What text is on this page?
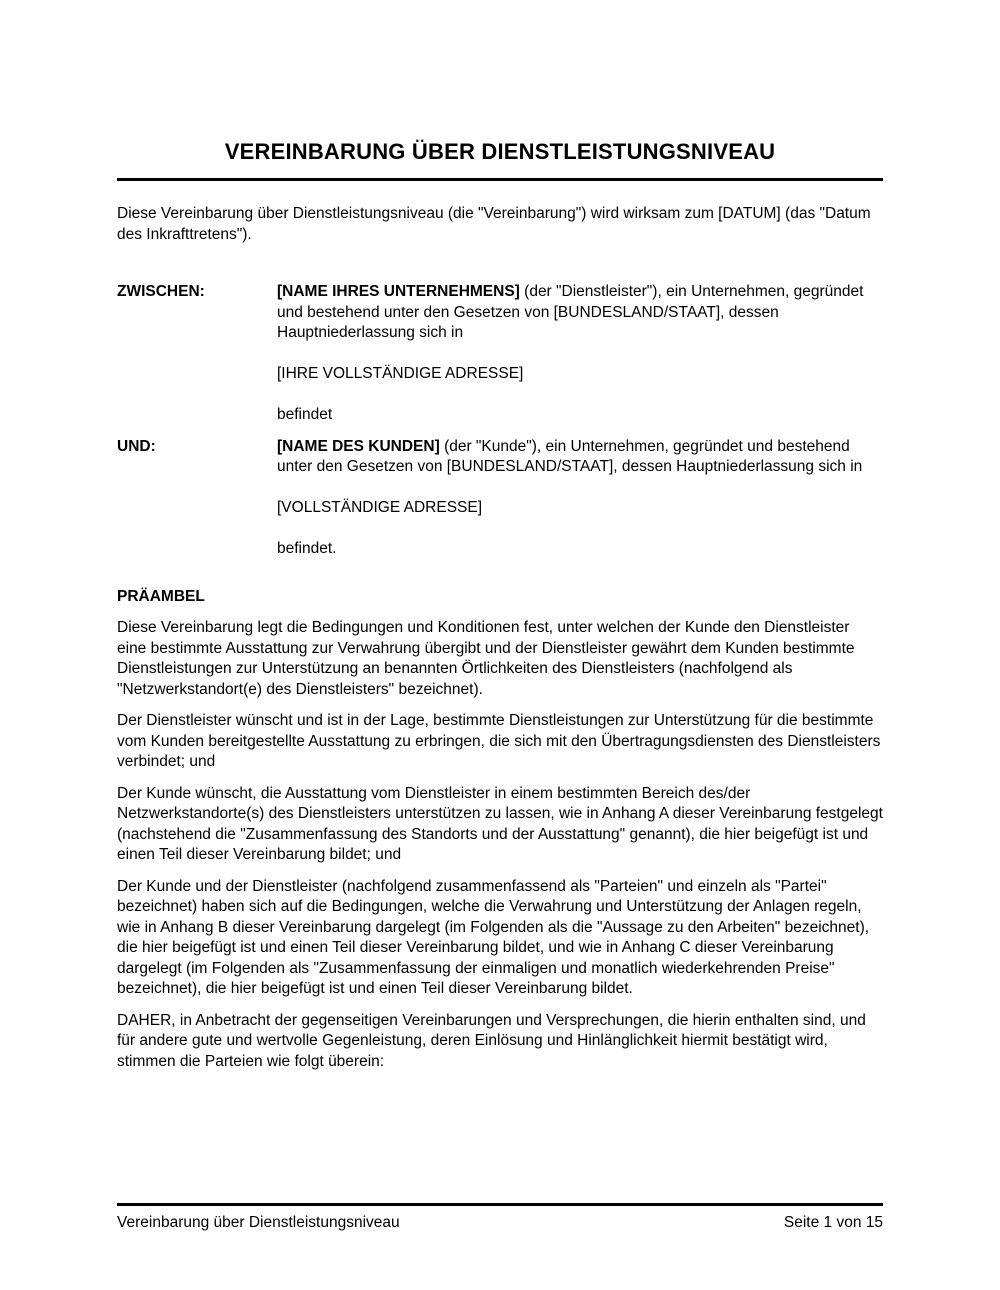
VEREINBARUNG ÜBER DIENSTLEISTUNGSNIVEAU

Diese Vereinbarung über Dienstleistungsniveau (die "Vereinbarung") wird wirksam zum [DATUM] (das "Datum des Inkrafttretens").

ZWISCHEN:	[NAME IHRES UNTERNEHMENS] (der "Dienstleister"), ein Unternehmen, gegründet und bestehend unter den Gesetzen von [BUNDESLAND/STAAT], dessen Hauptniederlassung sich in

[IHRE VOLLSTÄNDIGE ADRESSE]

befindet

UND:	[NAME DES KUNDEN] (der "Kunde"), ein Unternehmen, gegründet und bestehend unter den Gesetzen von [BUNDESLAND/STAAT], dessen Hauptniederlassung sich in

[VOLLSTÄNDIGE ADRESSE]

befindet.

PRÄAMBEL

Diese Vereinbarung legt die Bedingungen und Konditionen fest, unter welchen der Kunde den Dienstleister eine bestimmte Ausstattung zur Verwahrung übergibt und der Dienstleister gewährt dem Kunden bestimmte Dienstleistungen zur Unterstützung an benannten Örtlichkeiten des Dienstleisters (nachfolgend als "Netzwerkstandort(e) des Dienstleisters" bezeichnet).

Der Dienstleister wünscht und ist in der Lage, bestimmte Dienstleistungen zur Unterstützung für die bestimmte vom Kunden bereitgestellte Ausstattung zu erbringen, die sich mit den Übertragungsdiensten des Dienstleisters verbindet; und

Der Kunde wünscht, die Ausstattung vom Dienstleister in einem bestimmten Bereich des/der Netzwerkstandorte(s) des Dienstleisters unterstützen zu lassen, wie in Anhang A dieser Vereinbarung festgelegt (nachstehend die "Zusammenfassung des Standorts und der Ausstattung" genannt), die hier beigefügt ist und einen Teil dieser Vereinbarung bildet; und

Der Kunde und der Dienstleister (nachfolgend zusammenfassend als "Parteien" und einzeln als "Partei" bezeichnet) haben sich auf die Bedingungen, welche die Verwahrung und Unterstützung der Anlagen regeln, wie in Anhang B dieser Vereinbarung dargelegt (im Folgenden als die "Aussage zu den Arbeiten" bezeichnet), die hier beigefügt ist und einen Teil dieser Vereinbarung bildet, und wie in Anhang C dieser Vereinbarung dargelegt (im Folgenden als "Zusammenfassung der einmaligen und monatlich wiederkehrenden Preise" bezeichnet), die hier beigefügt ist und einen Teil dieser Vereinbarung bildet.

DAHER, in Anbetracht der gegenseitigen Vereinbarungen und Versprechungen, die hierin enthalten sind, und für andere gute und wertvolle Gegenleistung, deren Einlösung und Hinlänglichkeit hiermit bestätigt wird, stimmen die Parteien wie folgt überein:

Vereinbarung über Dienstleistungsniveau	Seite 1 von 15
